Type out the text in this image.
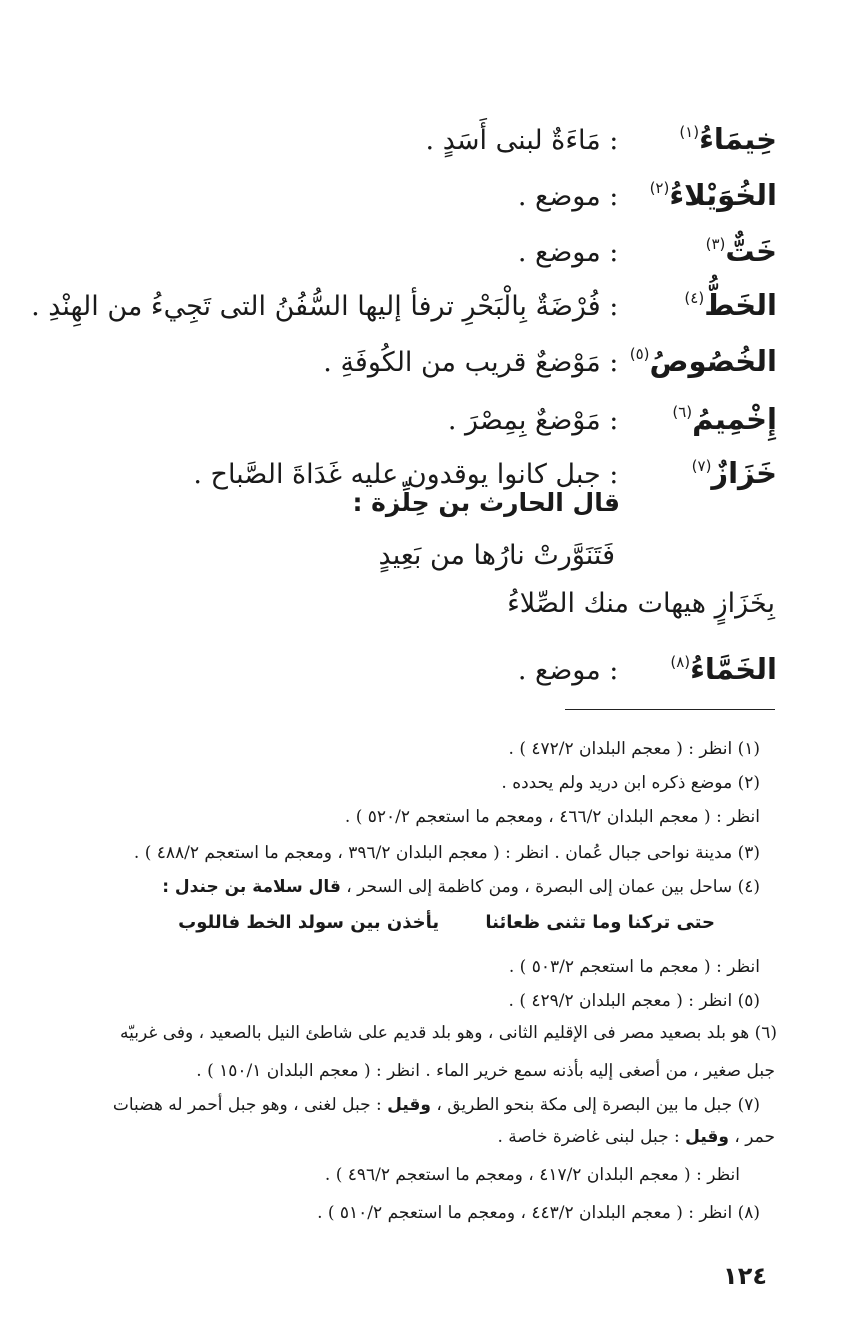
خِيمَاءُ$^{(١)}$ : مَاءَةٌ لبنى أَسَدٍ .
الخُوَيْلاءُ$^{(٢)}$ : موضع .
خَتٌّ$^{(٣)}$ : موضع .
الخَطُّ$^{(٤)}$ : فُرْضَةٌ بِالْبَحْرِ ترفأ إليها السُّفُنُ التى تَجِيءُ من الهِنْدِ .
الخُصُوصُ$^{(٥)}$ : مَوْضعٌ قريب من الكُوفَةِ .
إِخْمِيمُ$^{(٦)}$ : مَوْضعٌ بِمِصْرَ .
خَزَازٌ$^{(٧)}$ : جبل كانوا يوقدون عليه غَدَاةَ الصَّباح .
قال الحارث بن حِلِّزة :
فَتَنَوَّرتْ نارُها من بَعِيدٍ
بِخَزَازٍ هيهات منك الصِّلاءُ
الخَمَّاءُ$^{(٨)}$ : موضع .
(١) انظر : ( معجم البلدان ٤٧٢/٢ ) .
(٢) موضع ذكره ابن دريد ولم يحدده .
انظر : ( معجم البلدان ٤٦٦/٢ ، ومعجم ما استعجم ٥٢٠/٢ ) .
(٣) مدينة نواحى جبال عُمان . انظر : ( معجم البلدان ٣٩٦/٢ ، ومعجم ما استعجم ٤٨٨/٢ ) .
(٤) ساحل بين عمان إلى البصرة ، ومن كاظمة إلى السحر ، قال سلامة بن جندل :
حتى تركنا وما تثنى ظعائنا يأخذن بين سولد الخط فاللوب
انظر : ( معجم ما استعجم ٥٠٣/٢ ) .
(٥) انظر : ( معجم البلدان ٤٢٩/٢ ) .
(٦) هو بلد بصعيد مصر فى الإقليم الثانى ، وهو بلد قديم على شاطئ النيل بالصعيد ، وفى غربيّه
جبل صغير ، من أصغى إليه بأذنه سمع خرير الماء . انظر : ( معجم البلدان ١٥٠/١ ) .
(٧) جبل ما بين البصرة إلى مكة بنحو الطريق ، وقيل : جبل لغنى ، وهو جبل أحمر له هضبات
حمر ، وقيل : جبل لبنى غاضرة خاصة .
انظر : ( معجم البلدان ٤١٧/٢ ، ومعجم ما استعجم ٤٩٦/٢ ) .
(٨) انظر : ( معجم البلدان ٤٤٣/٢ ، ومعجم ما استعجم ٥١٠/٢ ) .
١٢٤
